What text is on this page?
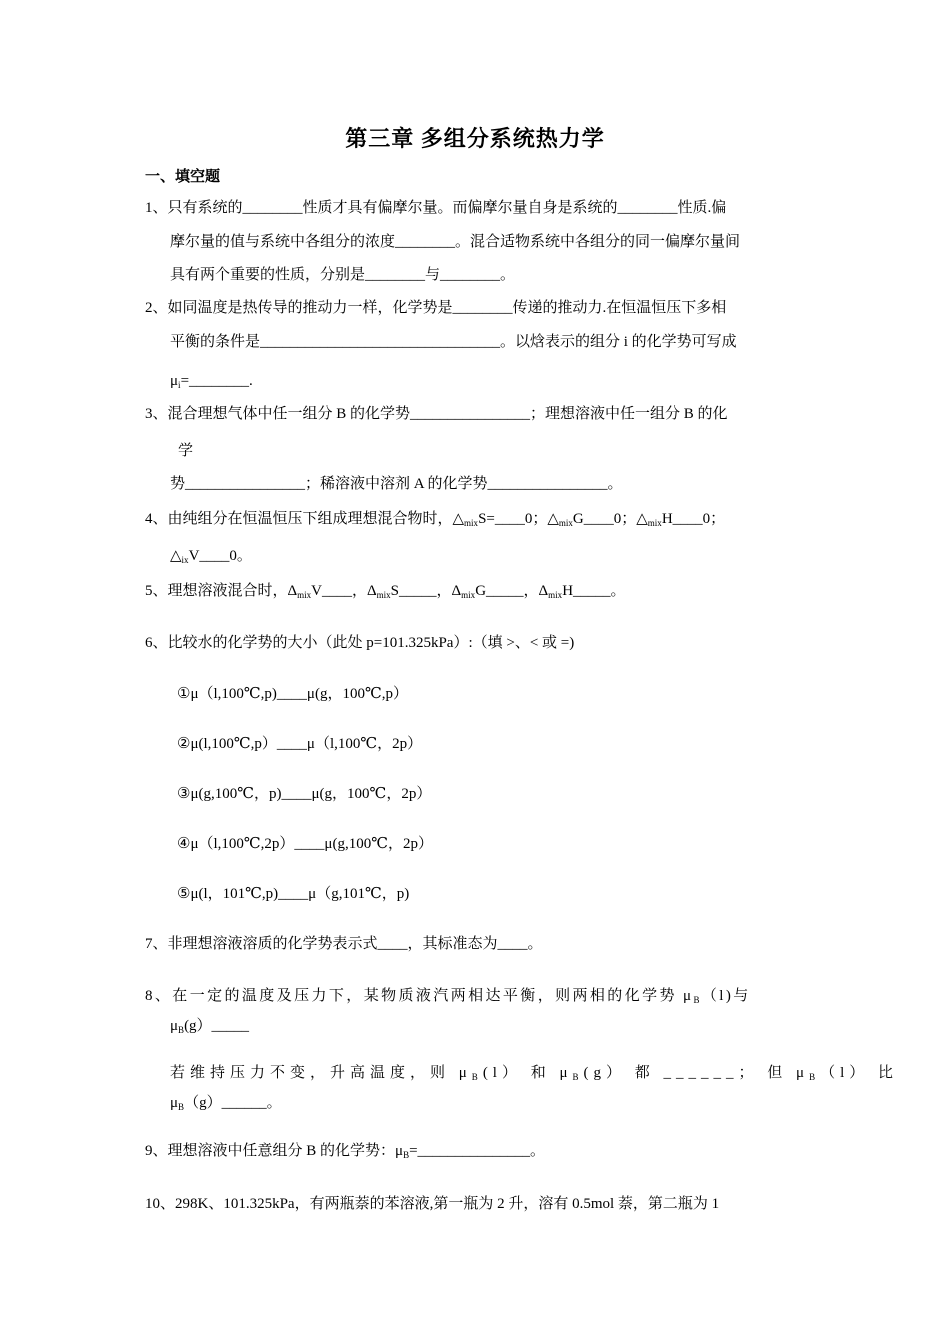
第三章 多组分系统热力学
一、填空题
1、只有系统的________性质才具有偏摩尔量。而偏摩尔量自身是系统的________性质.偏
摩尔量的值与系统中各组分的浓度________。混合适物系统中各组分的同一偏摩尔量间
具有两个重要的性质，分别是________与________。
2、如同温度是热传导的推动力一样，化学势是________传递的推动力.在恒温恒压下多相
平衡的条件是________________________________。以焓表示的组分 i 的化学势可写成
$\mu_i=\_\_\_\_\_\_\_\_$.
3、混合理想气体中任一组分 B 的化学势________________；理想溶液中任一组分 B 的化
学
势________________；稀溶液中溶剂 A 的化学势________________。
4、由纯组分在恒温恒压下组成理想混合物时，$\triangle_{mix}S=\_\_\_\_0$；$\triangle_{mix}G\_\_\_\_0$；$\triangle_{mix}H\_\_\_\_0$；
$\triangle_{ix}V\_\_\_\_0$。
5、理想溶液混合时，$\Delta_{mix}V\_\_\_\_$，$\Delta_{mix}S\_\_\_\_\_$，$\Delta_{mix}G\_\_\_\_\_$，$\Delta_{mix}H\_\_\_\_\_$。
6、比较水的化学势的大小（此处 p=101.325kPa）:（填 >、< 或 =)
①μ（l,100℃,p)____μ(g，100℃,p）
②μ(l,100℃,p）____μ（l,100℃，2p）
③μ(g,100℃，p)____μ(g，100℃，2p）
④μ（l,100℃,2p）____μ(g,100℃，2p）
⑤μ(l，101℃,p)____μ（g,101℃，p)
7、非理想溶液溶质的化学势表示式____，其标准态为____。
8、在一定的温度及压力下，某物质液汽两相达平衡，则两相的化学势 $\mu_B(l)$与
$\mu_B(g)\_\_\_\_\_$
若维持压力不变，升高温度，则 $\mu_B(l)$ 和 $\mu_B(g)$ 都 ______； 但 $\mu_B(l)$ 比
$\mu_B(g)\_\_\_\_\_\_$。
9、理想溶液中任意组分 B 的化学势：$\mu_B=\_\_\_\_\_\_\_\_\_\_\_\_\_\_\_$。
10、298K、101.325kPa，有两瓶萘的苯溶液,第一瓶为 2 升，溶有 0.5mol 萘，第二瓶为 1
